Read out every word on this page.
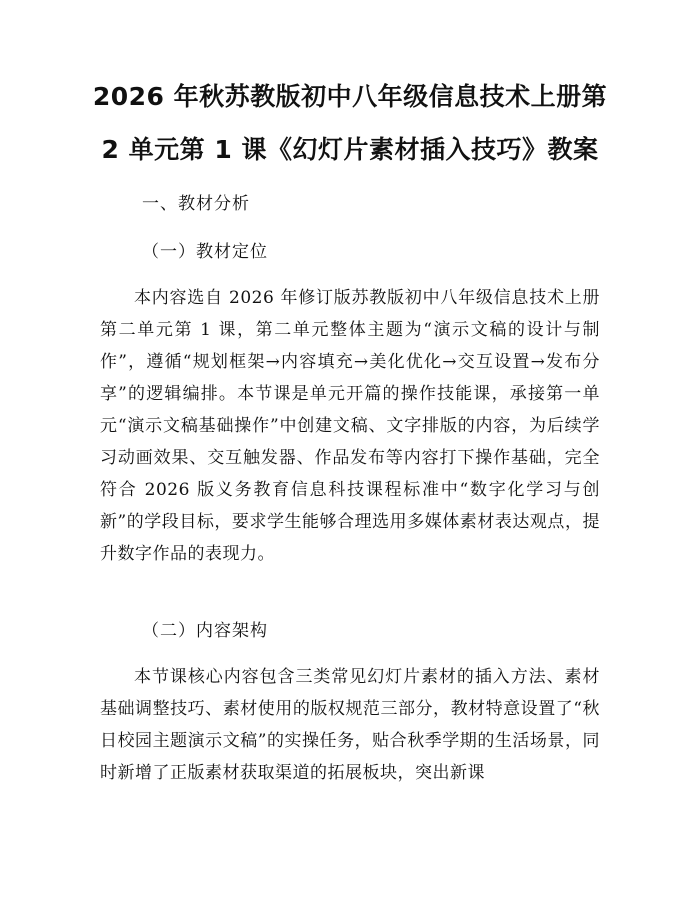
2026 年秋苏教版初中八年级信息技术上册第
2 单元第 1 课《幻灯片素材插入技巧》教案
一、教材分析
（一）教材定位

本内容选自 2026 年修订版苏教版初中八年级信息技术上册第二单元第 1 课，第二单元整体主题为“演示文稿的设计与制作”，遵循“规划框架→内容填充→美化优化→交互设置→发布分享”的逻辑编排。本节课是单元开篇的操作技能课，承接第一单元“演示文稿基础操作”中创建文稿、文字排版的内容，为后续学习动画效果、交互触发器、作品发布等内容打下操作基础，完全符合 2026 版义务教育信息科技课程标准中“数字化学习与创新”的学段目标，要求学生能够合理选用多媒体素材表达观点，提升数字作品的表现力。

（二）内容架构

本节课核心内容包含三类常见幻灯片素材的插入方法、素材基础调整技巧、素材使用的版权规范三部分，教材特意设置了“秋日校园主题演示文稿”的实操任务，贴合秋季学期的生活场景，同时新增了正版素材获取渠道的拓展板块，突出新课
